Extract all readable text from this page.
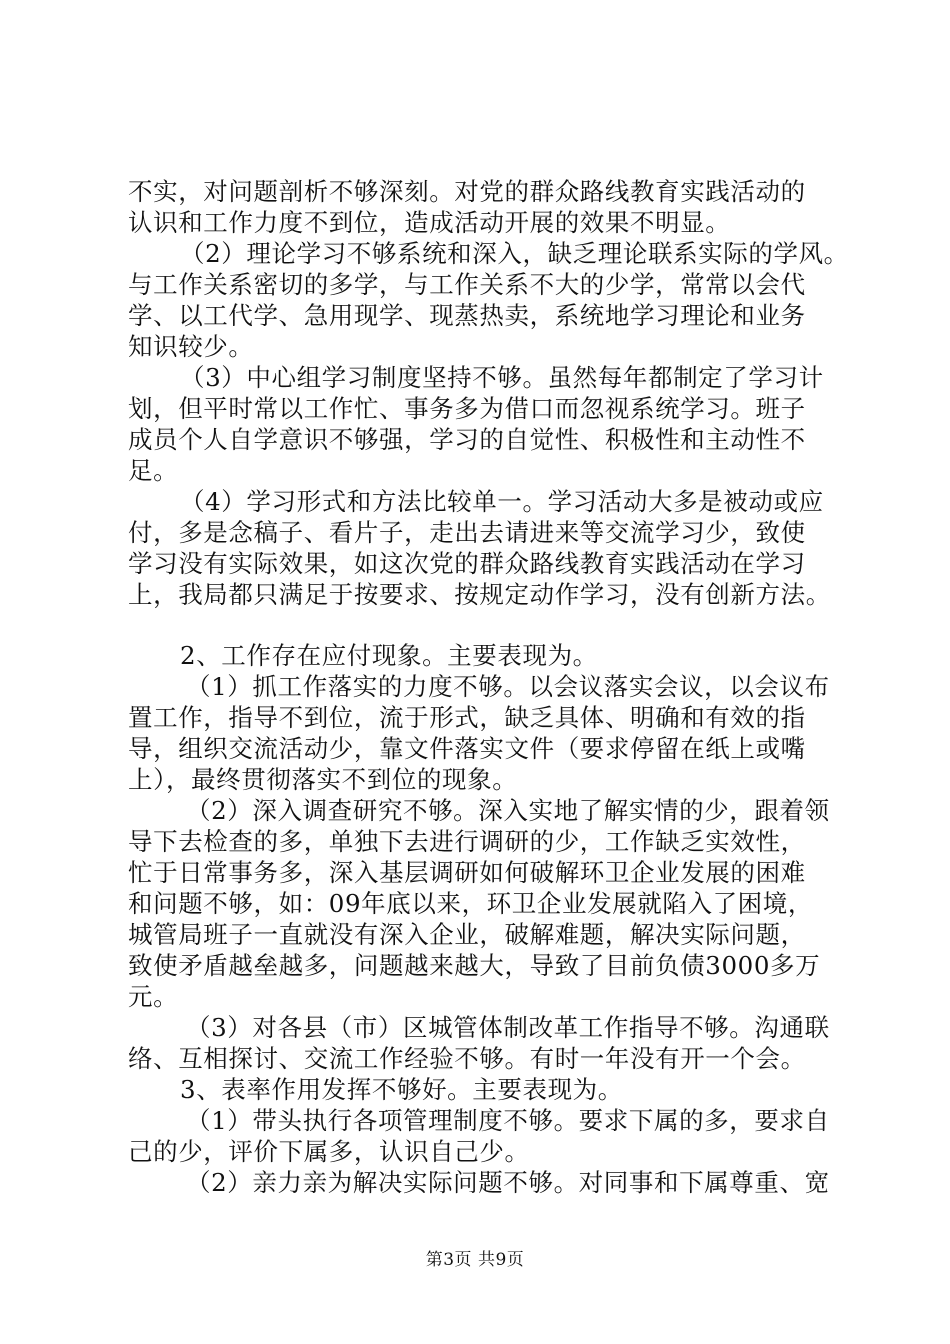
不实，对问题剖析不够深刻。对党的群众路线教育实践活动的
认识和工作力度不到位，造成活动开展的效果不明显。
（2）理论学习不够系统和深入，缺乏理论联系实际的学风。
与工作关系密切的多学，与工作关系不大的少学，常常以会代
学、以工代学、急用现学、现蒸热卖，系统地学习理论和业务
知识较少。
（3）中心组学习制度坚持不够。虽然每年都制定了学习计
划，但平时常以工作忙、事务多为借口而忽视系统学习。班子
成员个人自学意识不够强，学习的自觉性、积极性和主动性不
足。
（4）学习形式和方法比较单一。学习活动大多是被动或应
付，多是念稿子、看片子，走出去请进来等交流学习少，致使
学习没有实际效果，如这次党的群众路线教育实践活动在学习
上，我局都只满足于按要求、按规定动作学习，没有创新方法。
2、工作存在应付现象。主要表现为。
（1）抓工作落实的力度不够。以会议落实会议，以会议布
置工作，指导不到位，流于形式，缺乏具体、明确和有效的指
导，组织交流活动少，靠文件落实文件（要求停留在纸上或嘴
上），最终贯彻落实不到位的现象。
（2）深入调查研究不够。深入实地了解实情的少，跟着领
导下去检查的多，单独下去进行调研的少，工作缺乏实效性，
忙于日常事务多，深入基层调研如何破解环卫企业发展的困难
和问题不够，如：09年底以来，环卫企业发展就陷入了困境，
城管局班子一直就没有深入企业，破解难题，解决实际问题，
致使矛盾越垒越多，问题越来越大，导致了目前负债3000多万
元。
（3）对各县（市）区城管体制改革工作指导不够。沟通联
络、互相探讨、交流工作经验不够。有时一年没有开一个会。
3、表率作用发挥不够好。主要表现为。
（1）带头执行各项管理制度不够。要求下属的多，要求自
己的少，评价下属多，认识自己少。
（2）亲力亲为解决实际问题不够。对同事和下属尊重、宽
第3页 共9页
